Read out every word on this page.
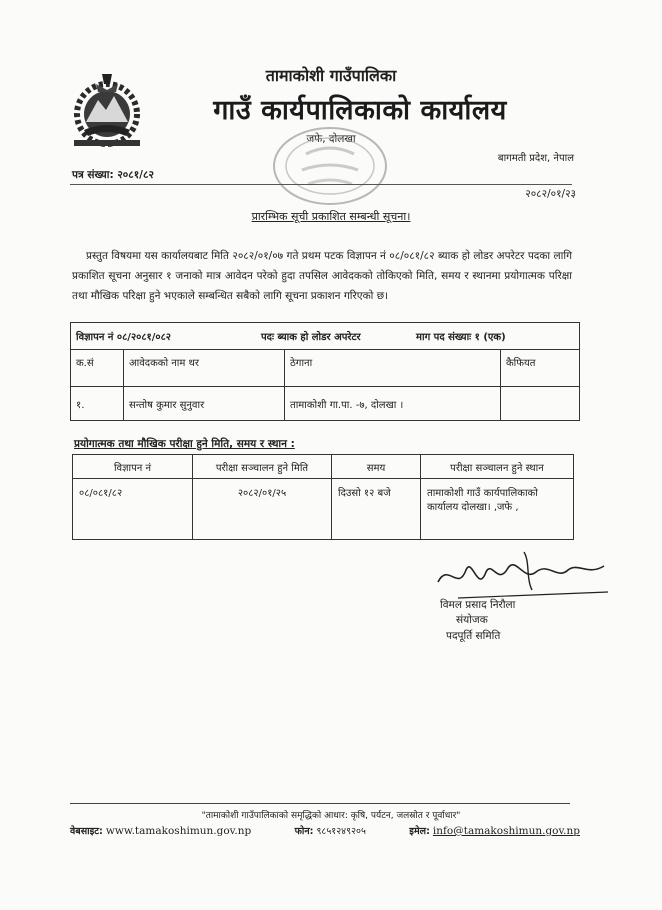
तामाकोशी गाउँपालिका
गाउँ कार्यपालिकाको कार्यालय
जफे, दोलखा
बागमती प्रदेश, नेपाल
पत्र संख्या: २०८१/८२
२०८२/०१/२३
प्रारम्भिक सूची प्रकाशित सम्बन्धी सूचना।
प्रस्तुत विषयमा यस कार्यालयबाट मिति २०८२/०१/०७ गते प्रथम पटक विज्ञापन नं ०८/०८१/८२ ब्याक हो लोडर अपरेटर पदका लागि प्रकाशित सूचना अनुसार १ जनाको मात्र आवेदन परेको हुदा तपसिल आवेदकको तोकिएको मिति, समय र स्थानमा प्रयोगात्मक परिक्षा तथा मौखिक परिक्षा हुने भएकाले सम्बन्धित सबैको लागि सूचना प्रकाशन गरिएको छ।
विज्ञापन नं ०८/२०८१/०८२ पदः ब्याक हो लोडर अपरेटर माग पद संख्याः १ (एक)			

क.सं	आवेदकको नाम थर	ठेगाना	कैफियत
१.	सन्तोष कुमार सुनुवार	तामाकोशी गा.पा. -७, दोलखा ।	
प्रयोगात्मक तथा मौखिक परीक्षा हुने मिति, समय र स्थान :
विज्ञापन नं	परीक्षा सञ्चालन हुने मिति	समय	परीक्षा सञ्चालन हुने स्थान
०८/०८१/८२	२०८२/०१/२५	दिउसो १२ बजे	तामाकोशी गाउँ कार्यपालिकाको कार्यालय दोलखा। ,जफे ,
विमल प्रसाद निरौला
संयोजक
पदपूर्ति समिति
"तामाकोशी गाउँपालिकाको समृद्धिको आधार: कृषि, पर्यटन, जलस्रोत र पूर्वाधार"
वेबसाइट: www.tamakoshimun.gov.np	फोन: ९८५१२४९२०५	इमेल: info@tamakoshimun.gov.np
